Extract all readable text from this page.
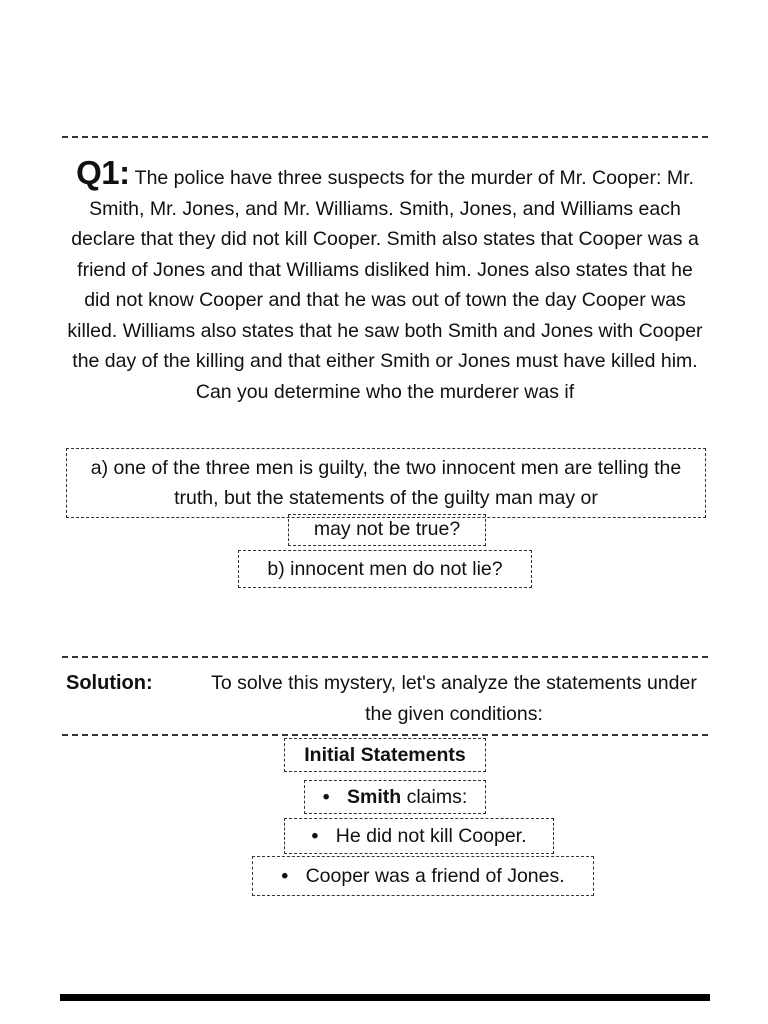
Q1: The police have three suspects for the murder of Mr. Cooper: Mr. Smith, Mr. Jones, and Mr. Williams. Smith, Jones, and Williams each declare that they did not kill Cooper. Smith also states that Cooper was a friend of Jones and that Williams disliked him. Jones also states that he did not know Cooper and that he was out of town the day Cooper was killed. Williams also states that he saw both Smith and Jones with Cooper the day of the killing and that either Smith or Jones must have killed him. Can you determine who the murderer was if
a) one of the three men is guilty, the two innocent men are telling the truth, but the statements of the guilty man may or
may not be true?
b) innocent men do not lie?
Solution:	To solve this mystery, let's analyze the statements under the given conditions:
Initial Statements
• Smith claims:
• He did not kill Cooper.
• Cooper was a friend of Jones.
